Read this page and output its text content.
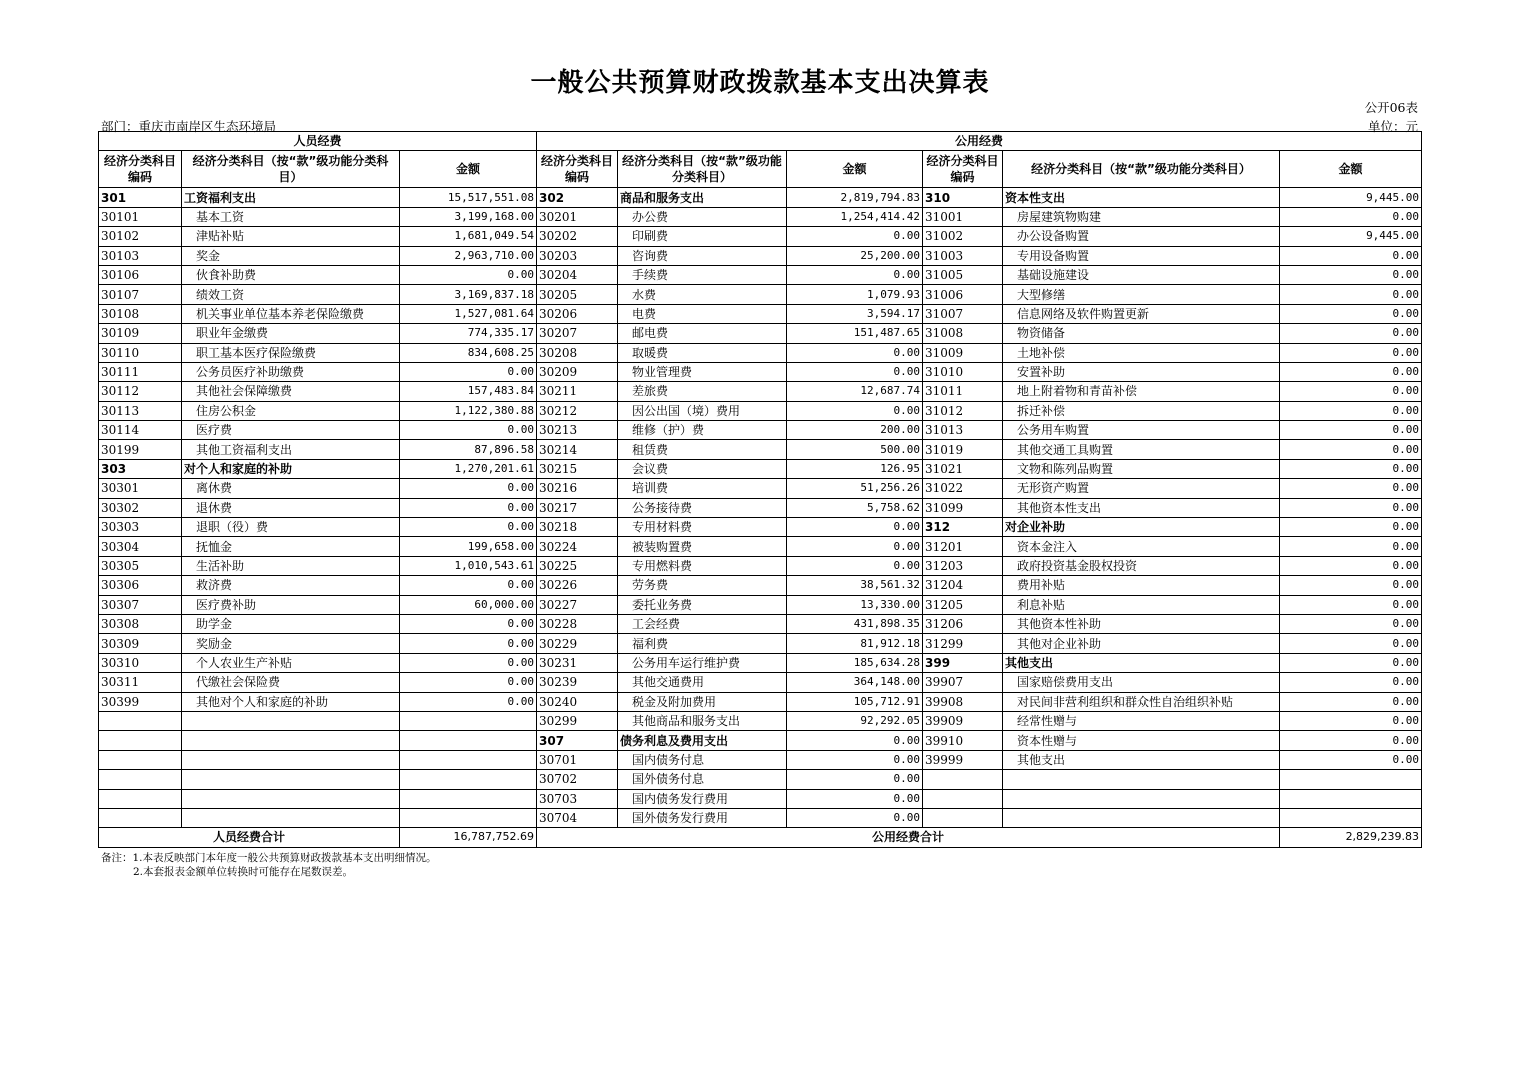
一般公共预算财政拨款基本支出决算表
公开06表
部门：重庆市南岸区生态环境局	单位：元
人员经费			公用经费					
经济分类科目编码	经济分类科目（按“款”级功能分类科目）	金额	经济分类科目编码	经济分类科目（按“款”级功能分类科目）	金额	经济分类科目编码	经济分类科目（按“款”级功能分类科目）	金额
301	工资福利支出	15,517,551.08	302	商品和服务支出	2,819,794.83	310	资本性支出	9,445.00
30101	基本工资	3,199,168.00	30201	办公费	1,254,414.42	31001	房屋建筑物购建	0.00
30102	津贴补贴	1,681,049.54	30202	印刷费	0.00	31002	办公设备购置	9,445.00
30103	奖金	2,963,710.00	30203	咨询费	25,200.00	31003	专用设备购置	0.00
30106	伙食补助费	0.00	30204	手续费	0.00	31005	基础设施建设	0.00
30107	绩效工资	3,169,837.18	30205	水费	1,079.93	31006	大型修缮	0.00
30108	机关事业单位基本养老保险缴费	1,527,081.64	30206	电费	3,594.17	31007	信息网络及软件购置更新	0.00
30109	职业年金缴费	774,335.17	30207	邮电费	151,487.65	31008	物资储备	0.00
30110	职工基本医疗保险缴费	834,608.25	30208	取暖费	0.00	31009	土地补偿	0.00
30111	公务员医疗补助缴费	0.00	30209	物业管理费	0.00	31010	安置补助	0.00
30112	其他社会保障缴费	157,483.84	30211	差旅费	12,687.74	31011	地上附着物和青苗补偿	0.00
30113	住房公积金	1,122,380.88	30212	因公出国（境）费用	0.00	31012	拆迁补偿	0.00
30114	医疗费	0.00	30213	维修（护）费	200.00	31013	公务用车购置	0.00
30199	其他工资福利支出	87,896.58	30214	租赁费	500.00	31019	其他交通工具购置	0.00
303	对个人和家庭的补助	1,270,201.61	30215	会议费	126.95	31021	文物和陈列品购置	0.00
30301	离休费	0.00	30216	培训费	51,256.26	31022	无形资产购置	0.00
30302	退休费	0.00	30217	公务接待费	5,758.62	31099	其他资本性支出	0.00
30303	退职（役）费	0.00	30218	专用材料费	0.00	312	对企业补助	0.00
30304	抚恤金	199,658.00	30224	被装购置费	0.00	31201	资本金注入	0.00
30305	生活补助	1,010,543.61	30225	专用燃料费	0.00	31203	政府投资基金股权投资	0.00
30306	救济费	0.00	30226	劳务费	38,561.32	31204	费用补贴	0.00
30307	医疗费补助	60,000.00	30227	委托业务费	13,330.00	31205	利息补贴	0.00
30308	助学金	0.00	30228	工会经费	431,898.35	31206	其他资本性补助	0.00
30309	奖励金	0.00	30229	福利费	81,912.18	31299	其他对企业补助	0.00
30310	个人农业生产补贴	0.00	30231	公务用车运行维护费	185,634.28	399	其他支出	0.00
30311	代缴社会保险费	0.00	30239	其他交通费用	364,148.00	39907	国家赔偿费用支出	0.00
30399	其他对个人和家庭的补助	0.00	30240	税金及附加费用	105,712.91	39908	对民间非营利组织和群众性自治组织补贴	0.00
			30299	其他商品和服务支出	92,292.05	39909	经常性赠与	0.00
			307	债务利息及费用支出	0.00	39910	资本性赠与	0.00
			30701	国内债务付息	0.00	39999	其他支出	0.00
			30702	国外债务付息	0.00			
			30703	国内债务发行费用	0.00			
			30704	国外债务发行费用	0.00			
人员经费合计		16,787,752.69	公用经费合计					2,829,239.83
备注：1.本表反映部门本年度一般公共预算财政拨款基本支出明细情况。
2.本套报表金额单位转换时可能存在尾数误差。
